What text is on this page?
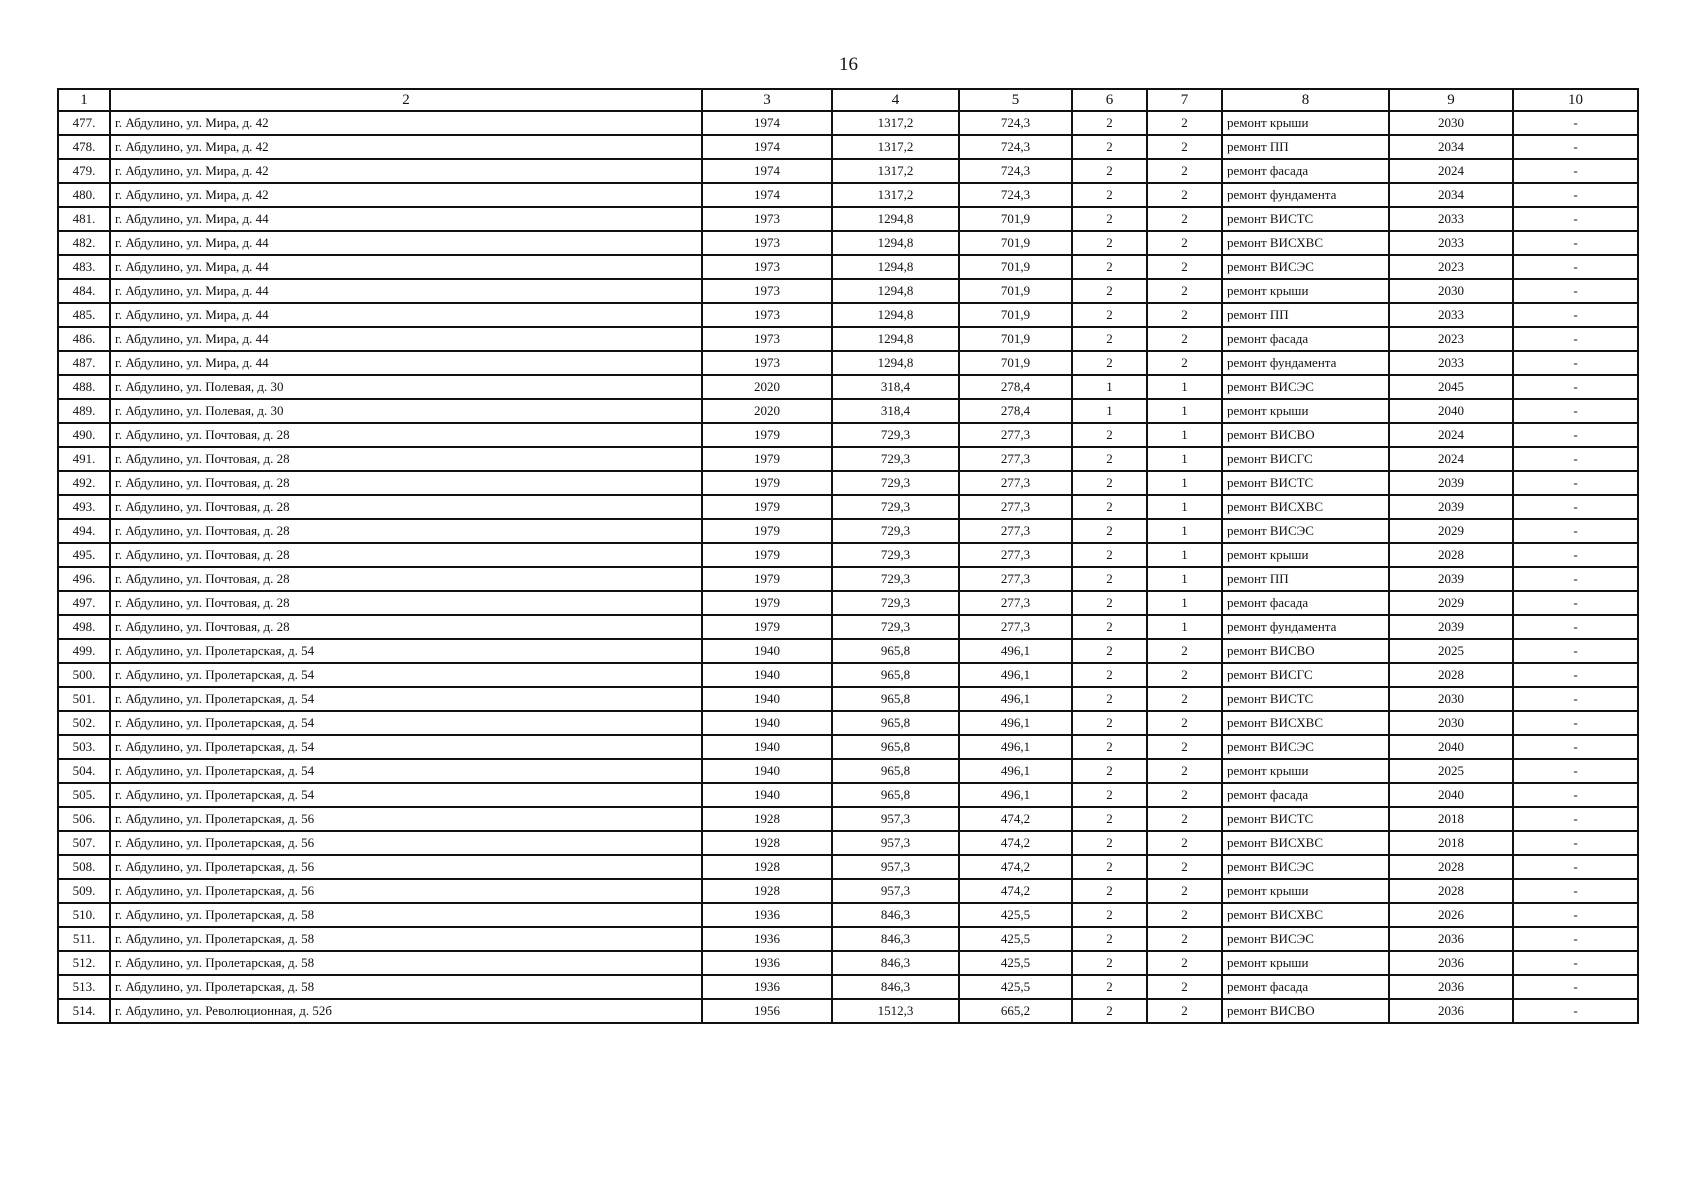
16
1	2	3	4	5	6	7	8	9	10
477.	г. Абдулино, ул. Мира, д. 42	1974	1317,2	724,3	2	2	ремонт крыши	2030	-
478.	г. Абдулино, ул. Мира, д. 42	1974	1317,2	724,3	2	2	ремонт ПП	2034	-
479.	г. Абдулино, ул. Мира, д. 42	1974	1317,2	724,3	2	2	ремонт фасада	2024	-
480.	г. Абдулино, ул. Мира, д. 42	1974	1317,2	724,3	2	2	ремонт фундамента	2034	-
481.	г. Абдулино, ул. Мира, д. 44	1973	1294,8	701,9	2	2	ремонт ВИСТС	2033	-
482.	г. Абдулино, ул. Мира, д. 44	1973	1294,8	701,9	2	2	ремонт ВИСХВС	2033	-
483.	г. Абдулино, ул. Мира, д. 44	1973	1294,8	701,9	2	2	ремонт ВИСЭС	2023	-
484.	г. Абдулино, ул. Мира, д. 44	1973	1294,8	701,9	2	2	ремонт крыши	2030	-
485.	г. Абдулино, ул. Мира, д. 44	1973	1294,8	701,9	2	2	ремонт ПП	2033	-
486.	г. Абдулино, ул. Мира, д. 44	1973	1294,8	701,9	2	2	ремонт фасада	2023	-
487.	г. Абдулино, ул. Мира, д. 44	1973	1294,8	701,9	2	2	ремонт фундамента	2033	-
488.	г. Абдулино, ул. Полевая, д. 30	2020	318,4	278,4	1	1	ремонт ВИСЭС	2045	-
489.	г. Абдулино, ул. Полевая, д. 30	2020	318,4	278,4	1	1	ремонт крыши	2040	-
490.	г. Абдулино, ул. Почтовая, д. 28	1979	729,3	277,3	2	1	ремонт ВИСВО	2024	-
491.	г. Абдулино, ул. Почтовая, д. 28	1979	729,3	277,3	2	1	ремонт ВИСГС	2024	-
492.	г. Абдулино, ул. Почтовая, д. 28	1979	729,3	277,3	2	1	ремонт ВИСТС	2039	-
493.	г. Абдулино, ул. Почтовая, д. 28	1979	729,3	277,3	2	1	ремонт ВИСХВС	2039	-
494.	г. Абдулино, ул. Почтовая, д. 28	1979	729,3	277,3	2	1	ремонт ВИСЭС	2029	-
495.	г. Абдулино, ул. Почтовая, д. 28	1979	729,3	277,3	2	1	ремонт крыши	2028	-
496.	г. Абдулино, ул. Почтовая, д. 28	1979	729,3	277,3	2	1	ремонт ПП	2039	-
497.	г. Абдулино, ул. Почтовая, д. 28	1979	729,3	277,3	2	1	ремонт фасада	2029	-
498.	г. Абдулино, ул. Почтовая, д. 28	1979	729,3	277,3	2	1	ремонт фундамента	2039	-
499.	г. Абдулино, ул. Пролетарская, д. 54	1940	965,8	496,1	2	2	ремонт ВИСВО	2025	-
500.	г. Абдулино, ул. Пролетарская, д. 54	1940	965,8	496,1	2	2	ремонт ВИСГС	2028	-
501.	г. Абдулино, ул. Пролетарская, д. 54	1940	965,8	496,1	2	2	ремонт ВИСТС	2030	-
502.	г. Абдулино, ул. Пролетарская, д. 54	1940	965,8	496,1	2	2	ремонт ВИСХВС	2030	-
503.	г. Абдулино, ул. Пролетарская, д. 54	1940	965,8	496,1	2	2	ремонт ВИСЭС	2040	-
504.	г. Абдулино, ул. Пролетарская, д. 54	1940	965,8	496,1	2	2	ремонт крыши	2025	-
505.	г. Абдулино, ул. Пролетарская, д. 54	1940	965,8	496,1	2	2	ремонт фасада	2040	-
506.	г. Абдулино, ул. Пролетарская, д. 56	1928	957,3	474,2	2	2	ремонт ВИСТС	2018	-
507.	г. Абдулино, ул. Пролетарская, д. 56	1928	957,3	474,2	2	2	ремонт ВИСХВС	2018	-
508.	г. Абдулино, ул. Пролетарская, д. 56	1928	957,3	474,2	2	2	ремонт ВИСЭС	2028	-
509.	г. Абдулино, ул. Пролетарская, д. 56	1928	957,3	474,2	2	2	ремонт крыши	2028	-
510.	г. Абдулино, ул. Пролетарская, д. 58	1936	846,3	425,5	2	2	ремонт ВИСХВС	2026	-
511.	г. Абдулино, ул. Пролетарская, д. 58	1936	846,3	425,5	2	2	ремонт ВИСЭС	2036	-
512.	г. Абдулино, ул. Пролетарская, д. 58	1936	846,3	425,5	2	2	ремонт крыши	2036	-
513.	г. Абдулино, ул. Пролетарская, д. 58	1936	846,3	425,5	2	2	ремонт фасада	2036	-
514.	г. Абдулино, ул. Революционная, д. 52б	1956	1512,3	665,2	2	2	ремонт ВИСВО	2036	-
